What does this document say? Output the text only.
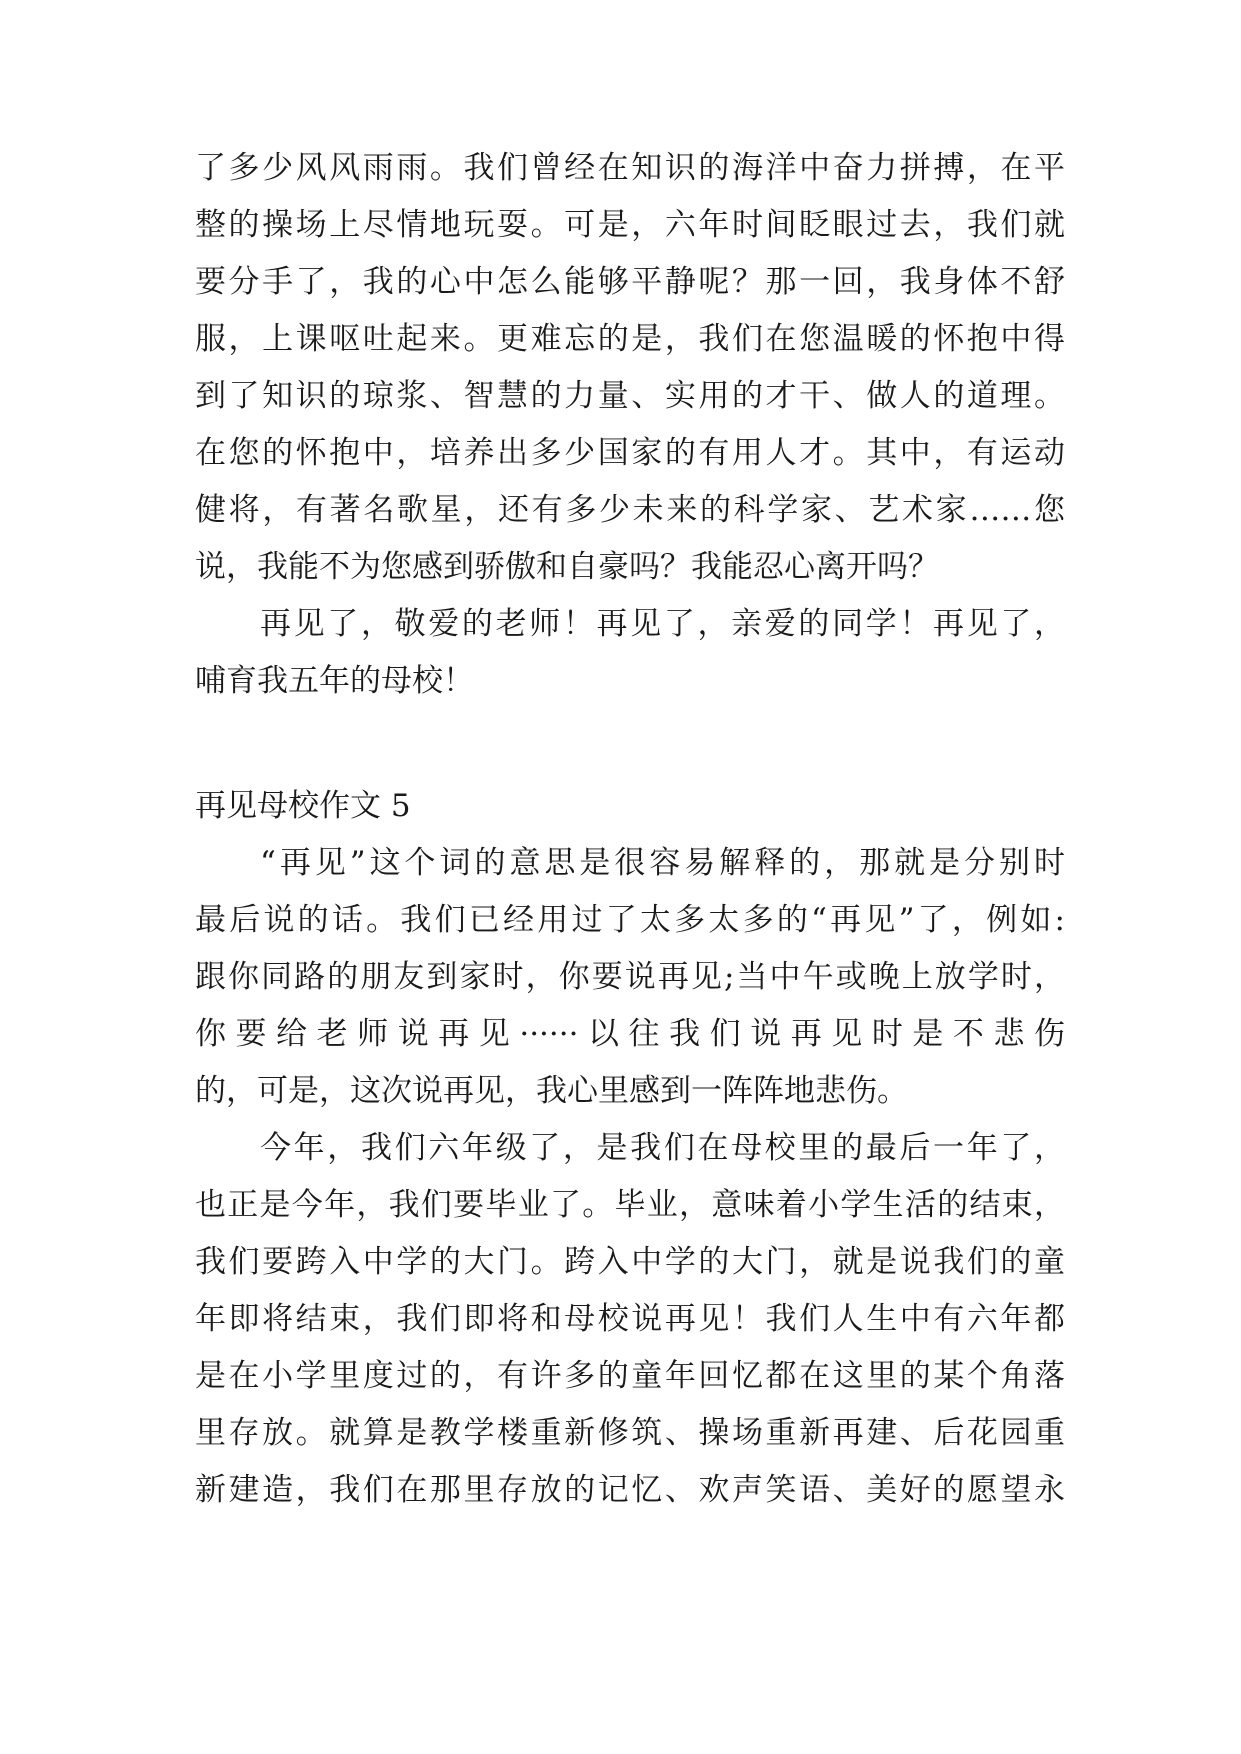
了多少风风雨雨。我们曾经在知识的海洋中奋力拼搏，在平

整的操场上尽情地玩耍。可是，六年时间眨眼过去，我们就

要分手了，我的心中怎么能够平静呢？那一回，我身体不舒

服，上课呕吐起来。更难忘的是，我们在您温暖的怀抱中得

到了知识的琼浆、智慧的力量、实用的才干、做人的道理。

在您的怀抱中，培养出多少国家的有用人才。其中，有运动

健将，有著名歌星，还有多少未来的科学家、艺术家……您

说，我能不为您感到骄傲和自豪吗？我能忍心离开吗？

再见了，敬爱的老师！再见了，亲爱的同学！再见了，

哺育我五年的母校！

再见母校作文 5

“再见”这个词的意思是很容易解释的，那就是分别时

最后说的话。我们已经用过了太多太多的“再见”了，例如:

跟你同路的朋友到家时，你要说再见;当中午或晚上放学时，

你要给老师说再见······以往我们说再见时是不悲伤

的，可是，这次说再见，我心里感到一阵阵地悲伤。

今年，我们六年级了，是我们在母校里的最后一年了，

也正是今年，我们要毕业了。毕业，意味着小学生活的结束，

我们要跨入中学的大门。跨入中学的大门，就是说我们的童

年即将结束，我们即将和母校说再见！我们人生中有六年都

是在小学里度过的，有许多的童年回忆都在这里的某个角落

里存放。就算是教学楼重新修筑、操场重新再建、后花园重

新建造，我们在那里存放的记忆、欢声笑语、美好的愿望永
